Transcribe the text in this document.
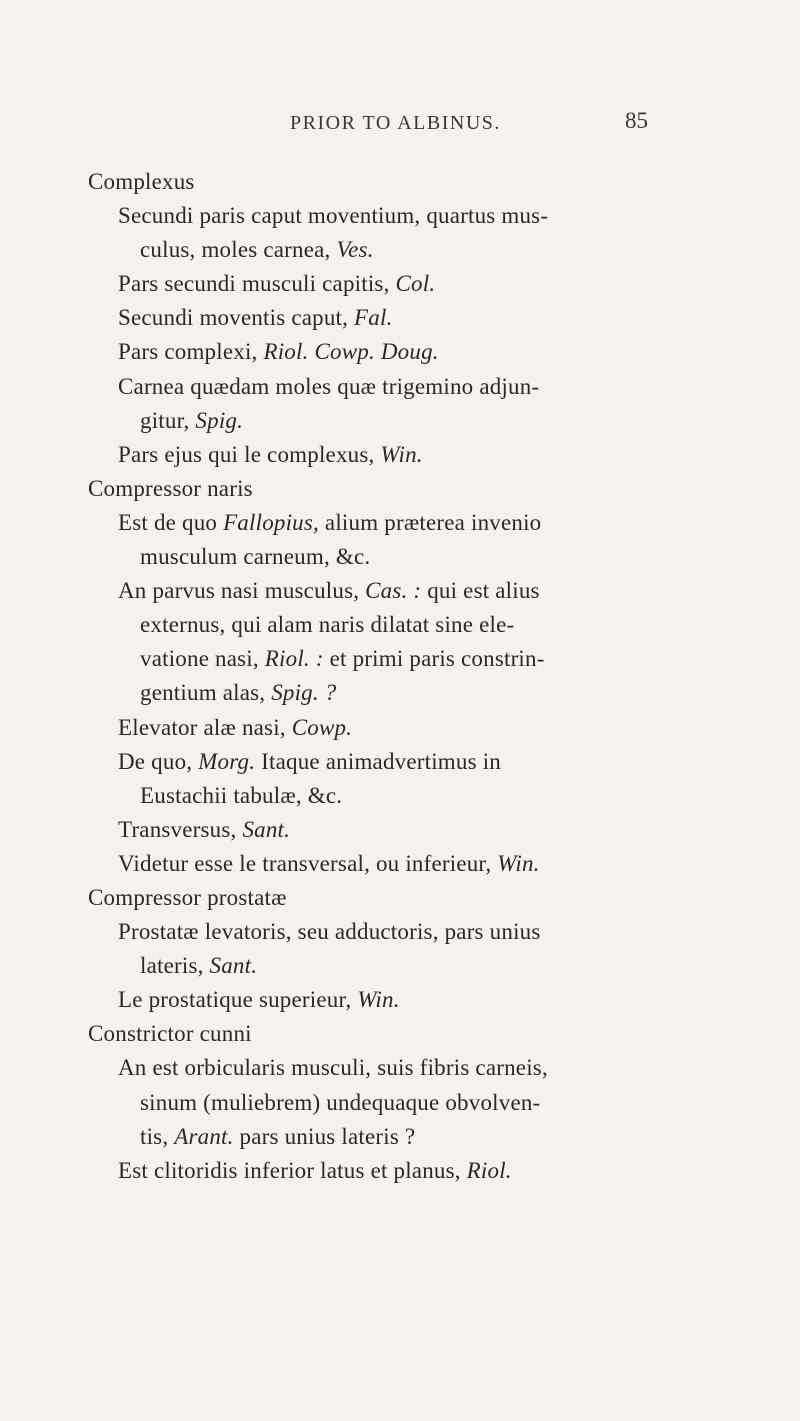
PRIOR TO ALBINUS.	85
Complexus
Secundi paris caput moventium, quartus mus-
culus, moles carnea, Ves.
Pars secundi musculi capitis, Col.
Secundi moventis caput, Fal.
Pars complexi, Riol. Cowp. Doug.
Carnea quædam moles quæ trigemino adjun-
gitur, Spig.
Pars ejus qui le complexus, Win.
Compressor naris
Est de quo Fallopius, alium præterea invenio
musculum carneum, &c.
An parvus nasi musculus, Cas. : qui est alius
externus, qui alam naris dilatat sine ele-
vatione nasi, Riol. : et primi paris constrin-
gentium alas, Spig. ?
Elevator alæ nasi, Cowp.
De quo, Morg. Itaque animadvertimus in
Eustachii tabulæ, &c.
Transversus, Sant.
Videtur esse le transversal, ou inferieur, Win.
Compressor prostatæ
Prostatæ levatoris, seu adductoris, pars unius
lateris, Sant.
Le prostatique superieur, Win.
Constrictor cunni
An est orbicularis musculi, suis fibris carneis,
sinum (muliebrem) undequaque obvolven-
tis, Arant. pars unius lateris ?
Est clitoridis inferior latus et planus, Riol.
